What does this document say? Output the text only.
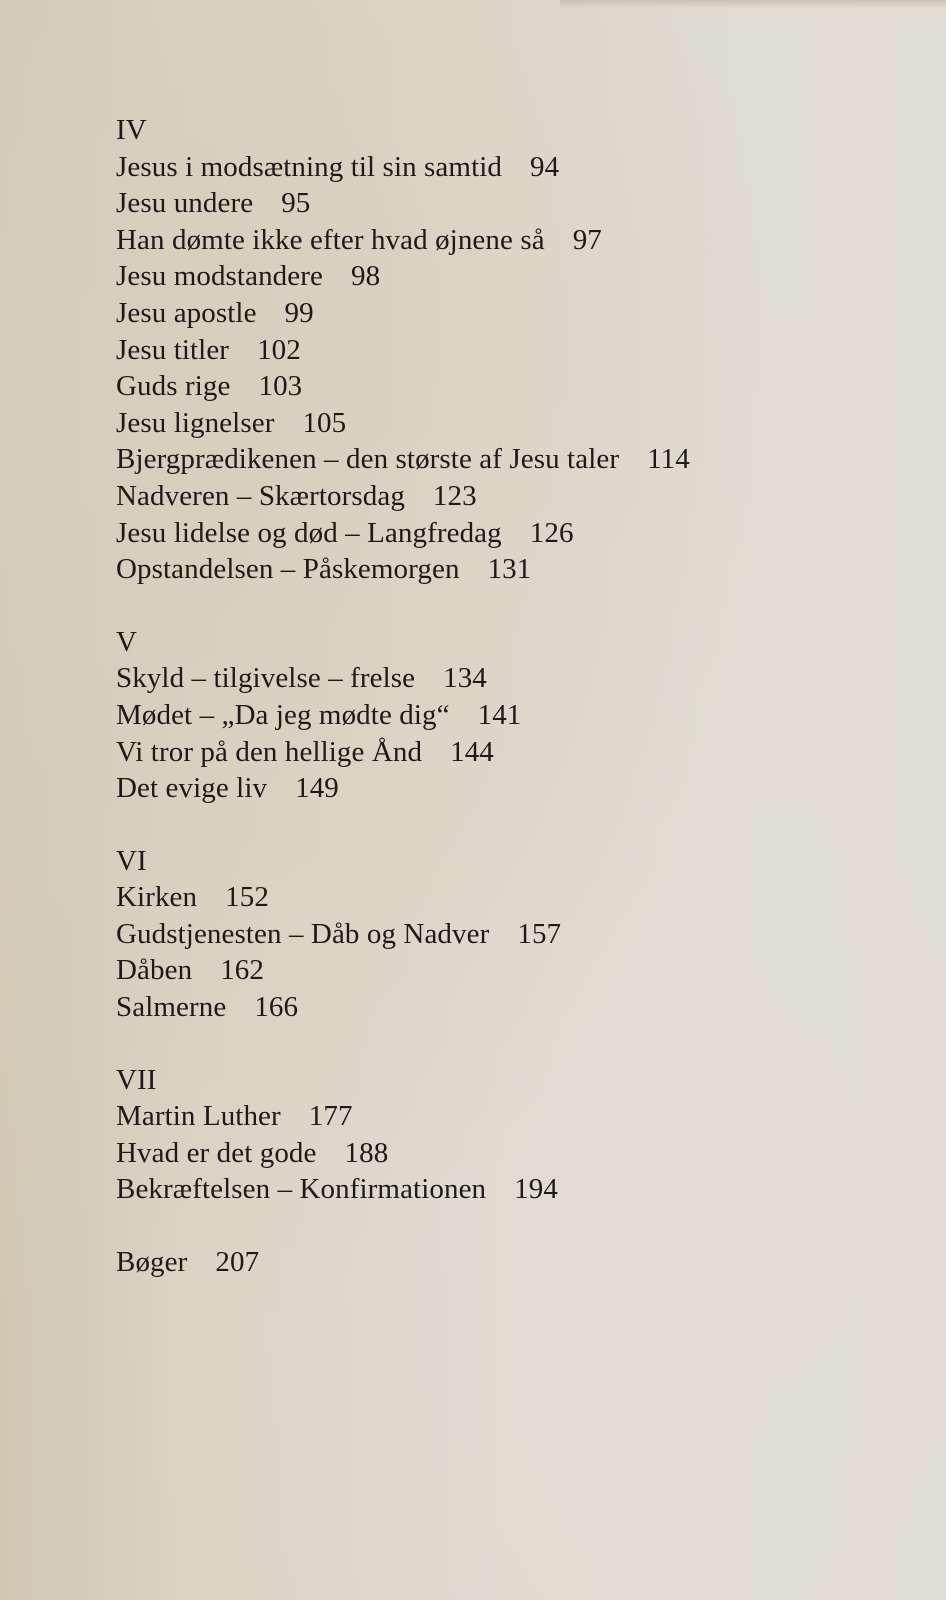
IV
Jesus i modsætning til sin samtid 94
Jesu undere 95
Han dømte ikke efter hvad øjnene så 97
Jesu modstandere 98
Jesu apostle 99
Jesu titler 102
Guds rige 103
Jesu lignelser 105
Bjergprædikenen – den største af Jesu taler 114
Nadveren – Skærtorsdag 123
Jesu lidelse og død – Langfredag 126
Opstandelsen – Påskemorgen 131
V
Skyld – tilgivelse – frelse 134
Mødet – „Da jeg mødte dig“ 141
Vi tror på den hellige Ånd 144
Det evige liv 149
VI
Kirken 152
Gudstjenesten – Dåb og Nadver 157
Dåben 162
Salmerne 166
VII
Martin Luther 177
Hvad er det gode 188
Bekræftelsen – Konfirmationen 194
Bøger 207
